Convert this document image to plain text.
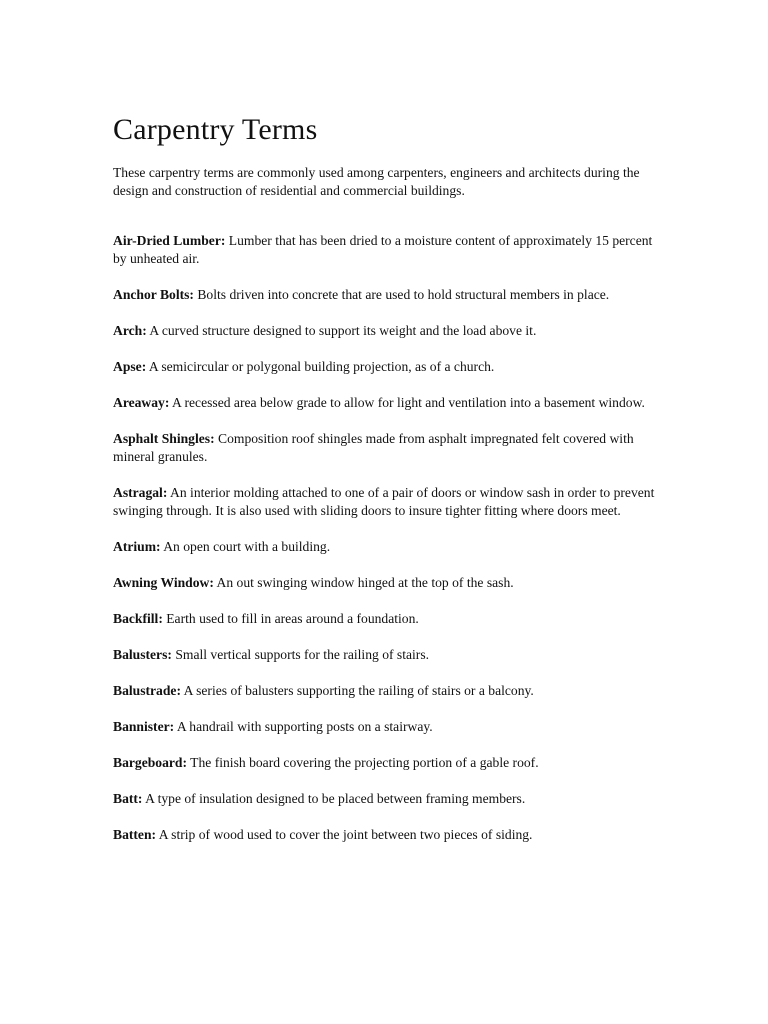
Carpentry Terms

These carpentry terms are commonly used among carpenters, engineers and architects during the design and construction of residential and commercial buildings.

Air-Dried Lumber: Lumber that has been dried to a moisture content of approximately 15 percent by unheated air.

Anchor Bolts: Bolts driven into concrete that are used to hold structural members in place.

Arch: A curved structure designed to support its weight and the load above it.

Apse: A semicircular or polygonal building projection, as of a church.

Areaway: A recessed area below grade to allow for light and ventilation into a basement window.

Asphalt Shingles: Composition roof shingles made from asphalt impregnated felt covered with mineral granules.

Astragal: An interior molding attached to one of a pair of doors or window sash in order to prevent swinging through. It is also used with sliding doors to insure tighter fitting where doors meet.

Atrium: An open court with a building.

Awning Window: An out swinging window hinged at the top of the sash.

Backfill: Earth used to fill in areas around a foundation.

Balusters: Small vertical supports for the railing of stairs.

Balustrade: A series of balusters supporting the railing of stairs or a balcony.

Bannister: A handrail with supporting posts on a stairway.

Bargeboard: The finish board covering the projecting portion of a gable roof.

Batt: A type of insulation designed to be placed between framing members.

Batten: A strip of wood used to cover the joint between two pieces of siding.
